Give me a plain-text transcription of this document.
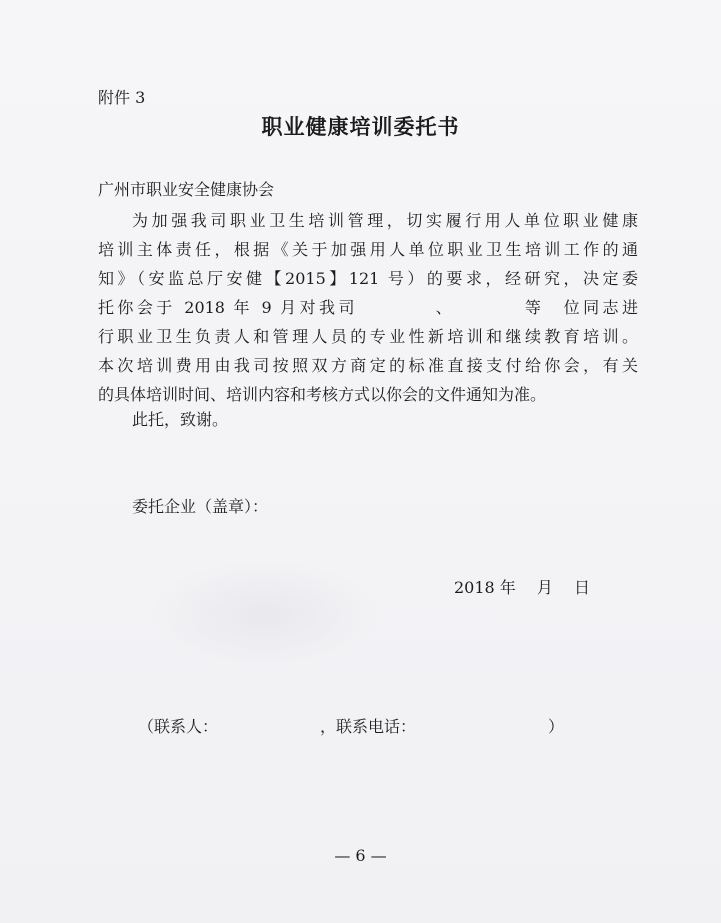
附件 3
职业健康培训委托书
广州市职业安全健康协会
为加强我司职业卫生培训管理，切实履行用人单位职业健康
培训主体责任，根据《关于加强用人单位职业卫生培训工作的通
知》（安监总厅安健【2015】121 号）的要求，经研究，决定委
托你会于 2018 年 9 月对我司　　　　、　　　　等　位同志进
行职业卫生负责人和管理人员的专业性新培训和继续教育培训。
本次培训费用由我司按照双方商定的标准直接支付给你会，有关
的具体培训时间、培训内容和考核方式以你会的文件通知为准。
此托，致谢。
委托企业（盖章）：
2018 年　 月　 日
（联系人：	，联系电话：	）
— 6 —
